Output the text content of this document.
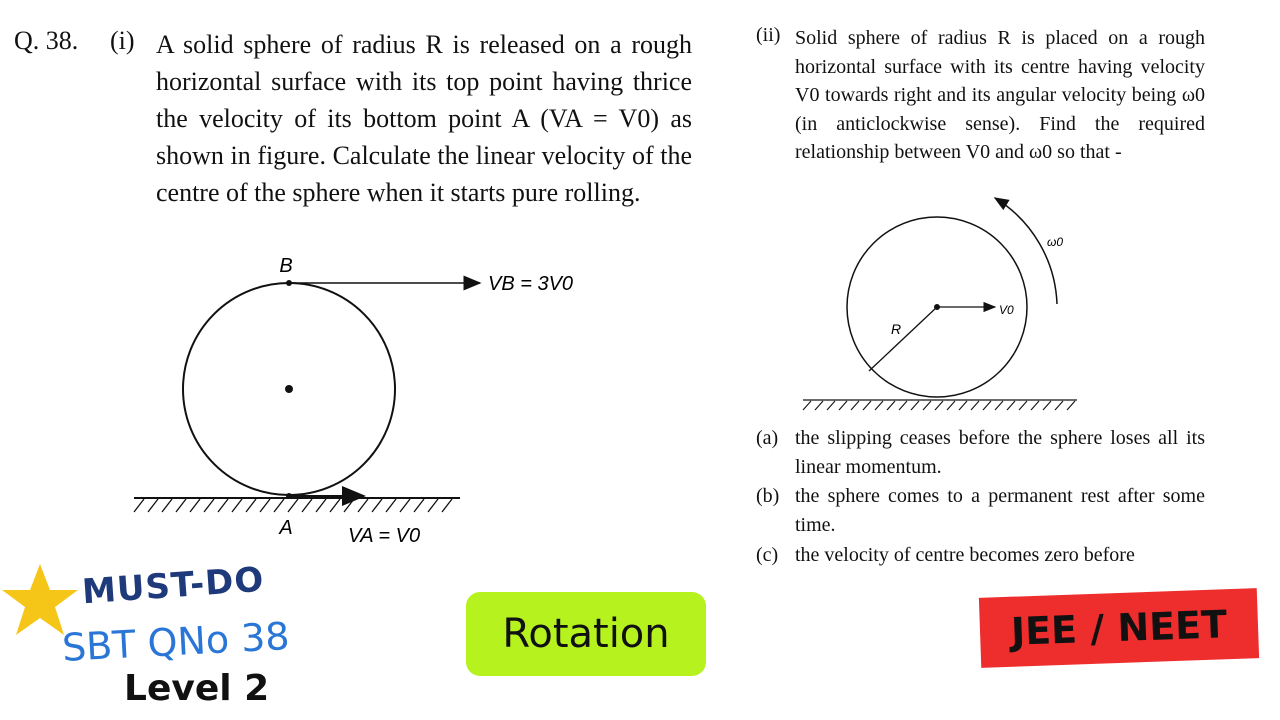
Q. 38. (i) A solid sphere of radius R is released on a rough horizontal surface with its top point having thrice the velocity of its bottom point A (VA = V0) as shown in figure. Calculate the linear velocity of the centre of the sphere when it starts pure rolling.
B
A
VB = 3V0
VA = V0
(ii) Solid sphere of radius R is placed on a rough horizontal surface with its centre having velocity V0 towards right and its angular velocity being ω0 (in anticlockwise sense). Find the required relationship between V0 and ω0 so that -
ω0
R
V0
(a) the slipping ceases before the sphere loses all its linear momentum.
(b) the sphere comes to a permanent rest after some time.
(c) the velocity of centre becomes zero before
MUST-DO
SBT QNo 38
Level 2
Rotation	JEE / NEET
